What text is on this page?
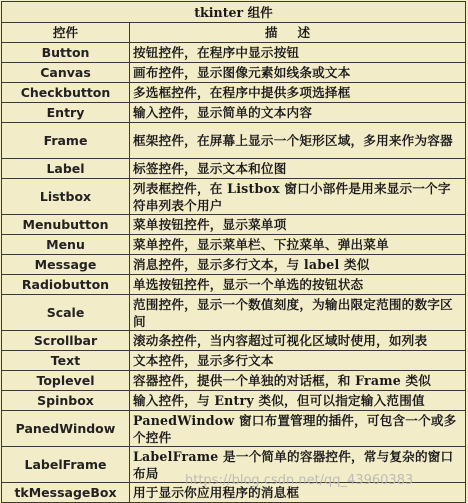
tkinter 组件	
控件	描述
Button	按钮控件，在程序中显示按钮
Canvas	画布控件，显示图像元素如线条或文本
Checkbutton	多选框控件，在程序中提供多项选择框
Entry	输入控件，显示简单的文本内容
Frame	框架控件，在屏幕上显示一个矩形区域，多用来作为容器
Label	标签控件，显示文本和位图
Listbox	列表框控件，在 Listbox 窗口小部件是用来显示一个字符串列表个用户
Menubutton	菜单按钮控件，显示菜单项
Menu	菜单控件，显示菜单栏、下拉菜单、弹出菜单
Message	消息控件，显示多行文本，与 label 类似
Radiobutton	单选按钮控件，显示一个单选的按钮状态
Scale	范围控件，显示一个数值刻度，为输出限定范围的数字区间
Scrollbar	滚动条控件，当内容超过可视化区域时使用，如列表
Text	文本控件，显示多行文本
Toplevel	容器控件，提供一个单独的对话框，和 Frame 类似
Spinbox	输入控件，与 Entry 类似，但可以指定输入范围值
PanedWindow	PanedWindow 窗口布置管理的插件，可包含一个或多个控件
LabelFrame	LabelFrame 是一个简单的容器控件，常与复杂的窗口布局
tkMessageBox	用于显示你应用程序的消息框
https://blog.csdn.net/qq_43960383
